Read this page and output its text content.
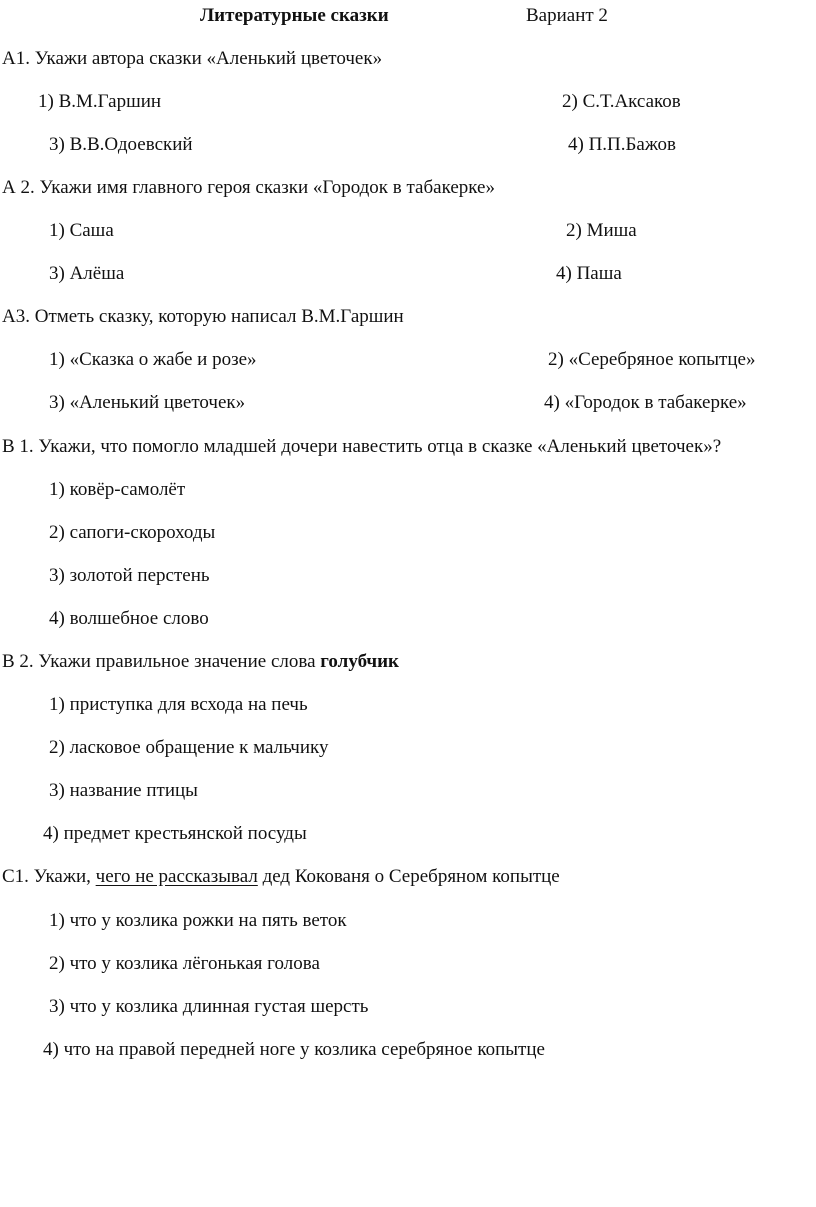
Литературные сказки	Вариант 2
А1. Укажи автора сказки «Аленький цветочек»
1) В.М.Гаршин	2) С.Т.Аксаков
3) В.В.Одоевский	4) П.П.Бажов
А 2. Укажи имя главного героя сказки «Городок в табакерке»
1) Саша	2) Миша
3) Алёша	4) Паша
А3. Отметь сказку, которую написал В.М.Гаршин
1) «Сказка о жабе и розе»	2) «Серебряное копытце»
3) «Аленький цветочек»	4) «Городок в табакерке»
В 1. Укажи, что помогло младшей дочери навестить отца в сказке «Аленький цветочек»?
1) ковёр-самолёт
2) сапоги-скороходы
3) золотой перстень
4) волшебное слово
В 2. Укажи правильное значение слова голубчик
1) приступка для всхода на печь
2) ласковое обращение к мальчику
3) название птицы
4) предмет крестьянской посуды
С1. Укажи, чего не рассказывал дед Кокованя о Серебряном копытце
1) что у козлика рожки на пять веток
2) что у козлика лёгонькая голова
3) что у козлика длинная густая шерсть
4) что на правой передней ноге у козлика серебряное копытце
